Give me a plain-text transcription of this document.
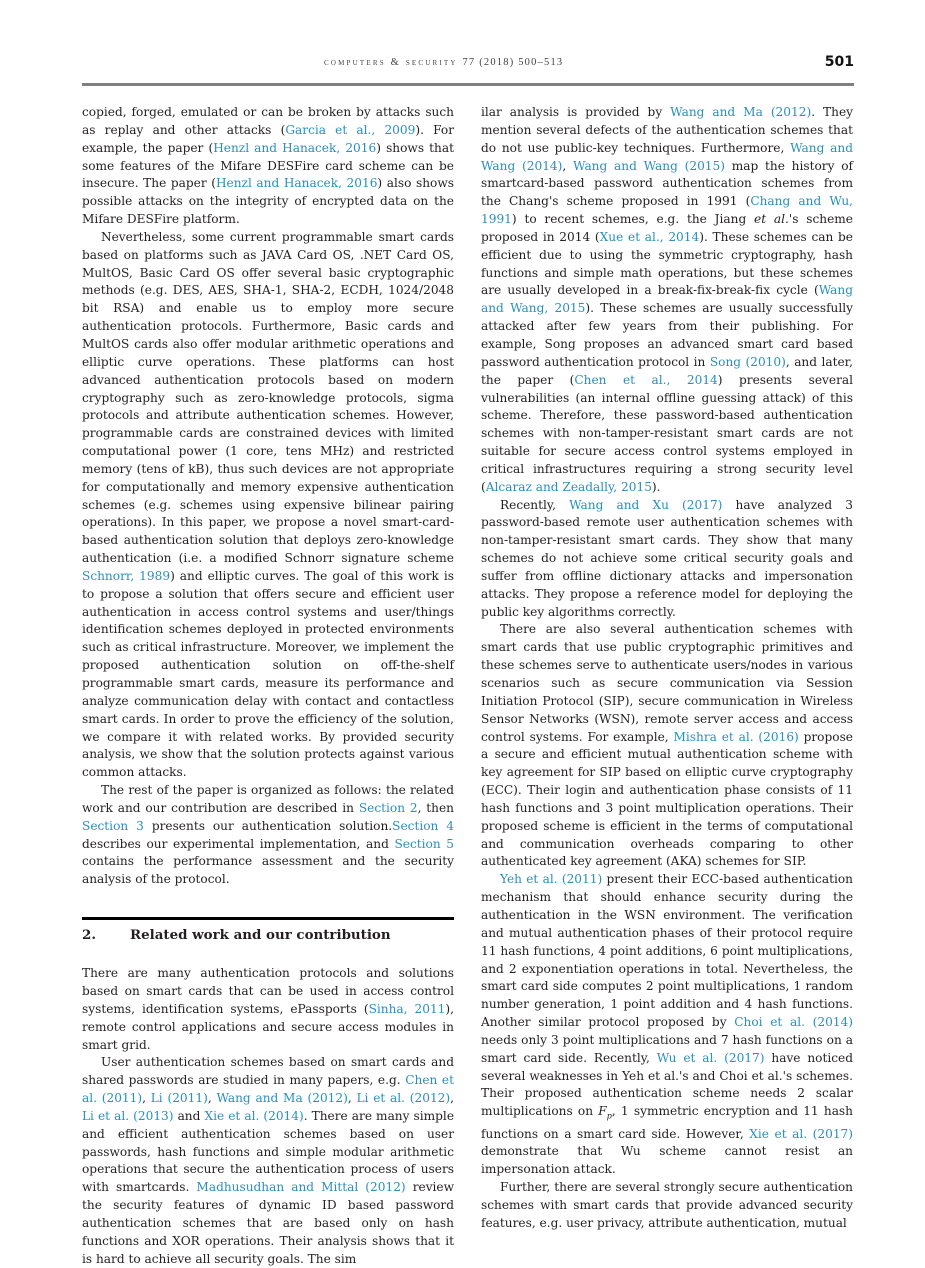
computers & security 77 (2018) 500–513	501

copied, forged, emulated or can be broken by attacks such as replay and other attacks (Garcia et al., 2009). For example, the paper (Henzl and Hanacek, 2016) shows that some features of the Mifare DESFire card scheme can be insecure. The paper (Henzl and Hanacek, 2016) also shows possible attacks on the integrity of encrypted data on the Mifare DESFire platform.

Nevertheless, some current programmable smart cards based on platforms such as JAVA Card OS, .NET Card OS, MultOS, Basic Card OS offer several basic cryptographic methods (e.g. DES, AES, SHA-1, SHA-2, ECDH, 1024/2048 bit RSA) and enable us to employ more secure authentication protocols. Furthermore, Basic cards and MultOS cards also offer modular arithmetic operations and elliptic curve operations. These platforms can host advanced authentication protocols based on modern cryptography such as zero-knowledge protocols, sigma protocols and attribute authentication schemes. However, programmable cards are constrained devices with limited computational power (1 core, tens MHz) and restricted memory (tens of kB), thus such devices are not appropriate for computationally and memory expensive authentication schemes (e.g. schemes using expensive bilinear pairing operations). In this paper, we propose a novel smart-card-based authentication solution that deploys zero-knowledge authentication (i.e. a modified Schnorr signature scheme Schnorr, 1989) and elliptic curves. The goal of this work is to propose a solution that offers secure and efficient user authentication in access control systems and user/things identification schemes deployed in protected environments such as critical infrastructure. Moreover, we implement the proposed authentication solution on off-the-shelf programmable smart cards, measure its performance and analyze communication delay with contact and contactless smart cards. In order to prove the efficiency of the solution, we compare it with related works. By provided security analysis, we show that the solution protects against various common attacks.

The rest of the paper is organized as follows: the related work and our contribution are described in Section 2, then Section 3 presents our authentication solution.Section 4 describes our experimental implementation, and Section 5 contains the performance assessment and the security analysis of the protocol.

2.	Related work and our contribution

There are many authentication protocols and solutions based on smart cards that can be used in access control systems, identification systems, ePassports (Sinha, 2011), remote control applications and secure access modules in smart grid.

User authentication schemes based on smart cards and shared passwords are studied in many papers, e.g. Chen et al. (2011), Li (2011), Wang and Ma (2012), Li et al. (2012), Li et al. (2013) and Xie et al. (2014). There are many simple and efficient authentication schemes based on user passwords, hash functions and simple modular arithmetic operations that secure the authentication process of users with smartcards. Madhusudhan and Mittal (2012) review the security features of dynamic ID based password authentication schemes that are based only on hash functions and XOR operations. Their analysis shows that it is hard to achieve all security goals. The sim

ilar analysis is provided by Wang and Ma (2012). They mention several defects of the authentication schemes that do not use public-key techniques. Furthermore, Wang and Wang (2014), Wang and Wang (2015) map the history of smartcard-based password authentication schemes from the Chang's scheme proposed in 1991 (Chang and Wu, 1991) to recent schemes, e.g. the Jiang et al.'s scheme proposed in 2014 (Xue et al., 2014). These schemes can be efficient due to using the symmetric cryptography, hash functions and simple math operations, but these schemes are usually developed in a break-fix-break-fix cycle (Wang and Wang, 2015). These schemes are usually successfully attacked after few years from their publishing. For example, Song proposes an advanced smart card based password authentication protocol in Song (2010), and later, the paper (Chen et al., 2014) presents several vulnerabilities (an internal offline guessing attack) of this scheme. Therefore, these password-based authentication schemes with non-tamper-resistant smart cards are not suitable for secure access control systems employed in critical infrastructures requiring a strong security level (Alcaraz and Zeadally, 2015).

Recently, Wang and Xu (2017) have analyzed 3 password-based remote user authentication schemes with non-tamper-resistant smart cards. They show that many schemes do not achieve some critical security goals and suffer from offline dictionary attacks and impersonation attacks. They propose a reference model for deploying the public key algorithms correctly.

There are also several authentication schemes with smart cards that use public cryptographic primitives and these schemes serve to authenticate users/nodes in various scenarios such as secure communication via Session Initiation Protocol (SIP), secure communication in Wireless Sensor Networks (WSN), remote server access and access control systems. For example, Mishra et al. (2016) propose a secure and efficient mutual authentication scheme with key agreement for SIP based on elliptic curve cryptography (ECC). Their login and authentication phase consists of 11 hash functions and 3 point multiplication operations. Their proposed scheme is efficient in the terms of computational and communication overheads comparing to other authenticated key agreement (AKA) schemes for SIP.

Yeh et al. (2011) present their ECC-based authentication mechanism that should enhance security during the authentication in the WSN environment. The verification and mutual authentication phases of their protocol require 11 hash functions, 4 point additions, 6 point multiplications, and 2 exponentiation operations in total. Nevertheless, the smart card side computes 2 point multiplications, 1 random number generation, 1 point addition and 4 hash functions. Another similar protocol proposed by Choi et al. (2014) needs only 3 point multiplications and 7 hash functions on a smart card side. Recently, Wu et al. (2017) have noticed several weaknesses in Yeh et al.'s and Choi et al.'s schemes. Their proposed authentication scheme needs 2 scalar multiplications on $F_p$, 1 symmetric encryption and 11 hash functions on a smart card side. However, Xie et al. (2017) demonstrate that Wu scheme cannot resist an impersonation attack.

Further, there are several strongly secure authentication schemes with smart cards that provide advanced security features, e.g. user privacy, attribute authentication, mutual
